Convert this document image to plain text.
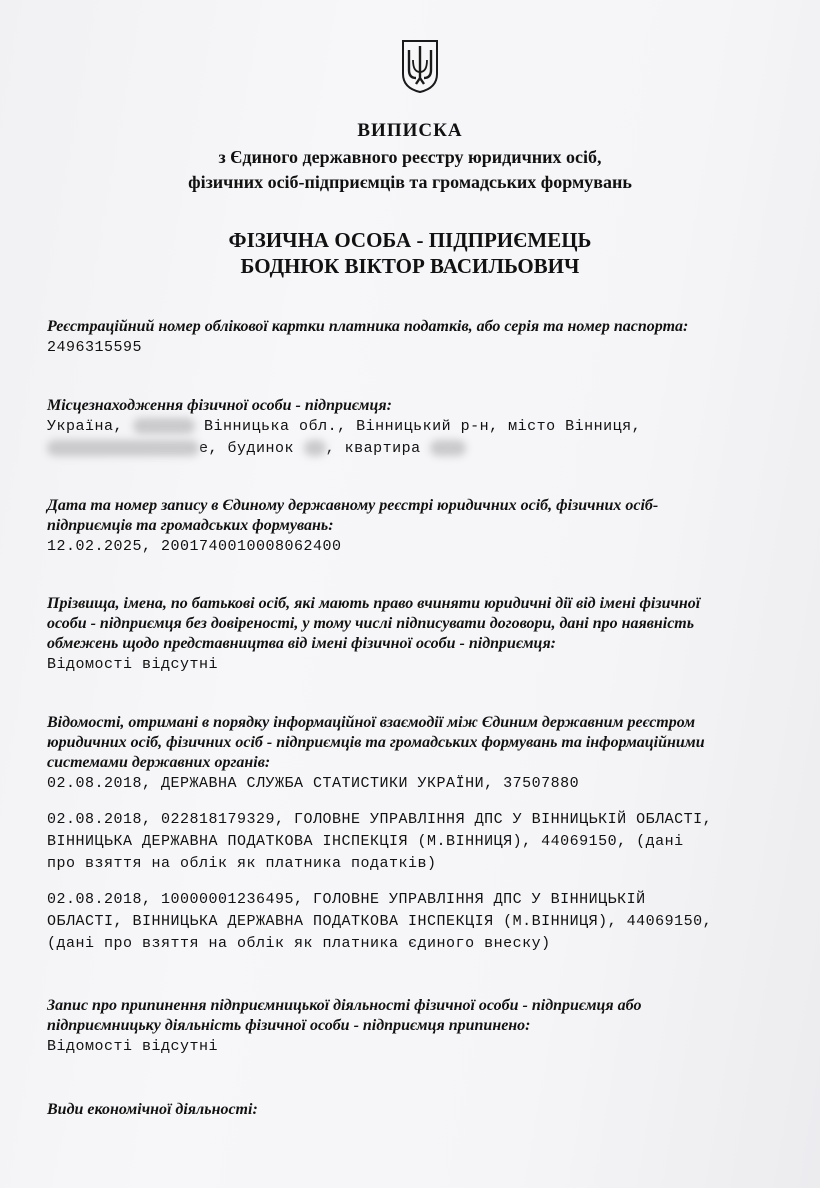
ВИПИСКА
з Єдиного державного реєстру юридичних осіб,
фізичних осіб-підприємців та громадських формувань
ФІЗИЧНА ОСОБА - ПІДПРИЄМЕЦЬ
БОДНЮК ВІКТОР ВАСИЛЬОВИЧ

Реєстраційний номер облікової картки платника податків, або серія та номер паспорта:

2496315595

Місцезнаходження фізичної особи - підприємця:

Україна,	Вінницька обл., Вінницький р-н, місто Вінниця,

е, будинок , квартира

Дата та номер запису в Єдиному державному реєстрі юридичних осіб, фізичних осіб-

підприємців та громадських формувань:

12.02.2025, 2001740010008062400

Прізвища, імена, по батькові осіб, які мають право вчиняти юридичні дії від імені фізичної

особи - підприємця без довіреності, у тому числі підписувати договори, дані про наявність

обмежень щодо представництва від імені фізичної особи - підприємця:

Відомості відсутні

Відомості, отримані в порядку інформаційної взаємодії між Єдиним державним реєстром

юридичних осіб, фізичних осіб - підприємців та громадських формувань та інформаційними

системами державних органів:

02.08.2018, ДЕРЖАВНА СЛУЖБА СТАТИСТИКИ УКРАЇНИ, 37507880

02.08.2018, 022818179329, ГОЛОВНЕ УПРАВЛІННЯ ДПС У ВІННИЦЬКІЙ ОБЛАСТІ,

ВІННИЦЬКА ДЕРЖАВНА ПОДАТКОВА ІНСПЕКЦІЯ (М.ВІННИЦЯ), 44069150, (дані

про взяття на облік як платника податків)

02.08.2018, 10000001236495, ГОЛОВНЕ УПРАВЛІННЯ ДПС У ВІННИЦЬКІЙ

ОБЛАСТІ, ВІННИЦЬКА ДЕРЖАВНА ПОДАТКОВА ІНСПЕКЦІЯ (М.ВІННИЦЯ), 44069150,

(дані про взяття на облік як платника єдиного внеску)

Запис про припинення підприємницької діяльності фізичної особи - підприємця або

підприємницьку діяльність фізичної особи - підприємця припинено:

Відомості відсутні

Види економічної діяльності:
